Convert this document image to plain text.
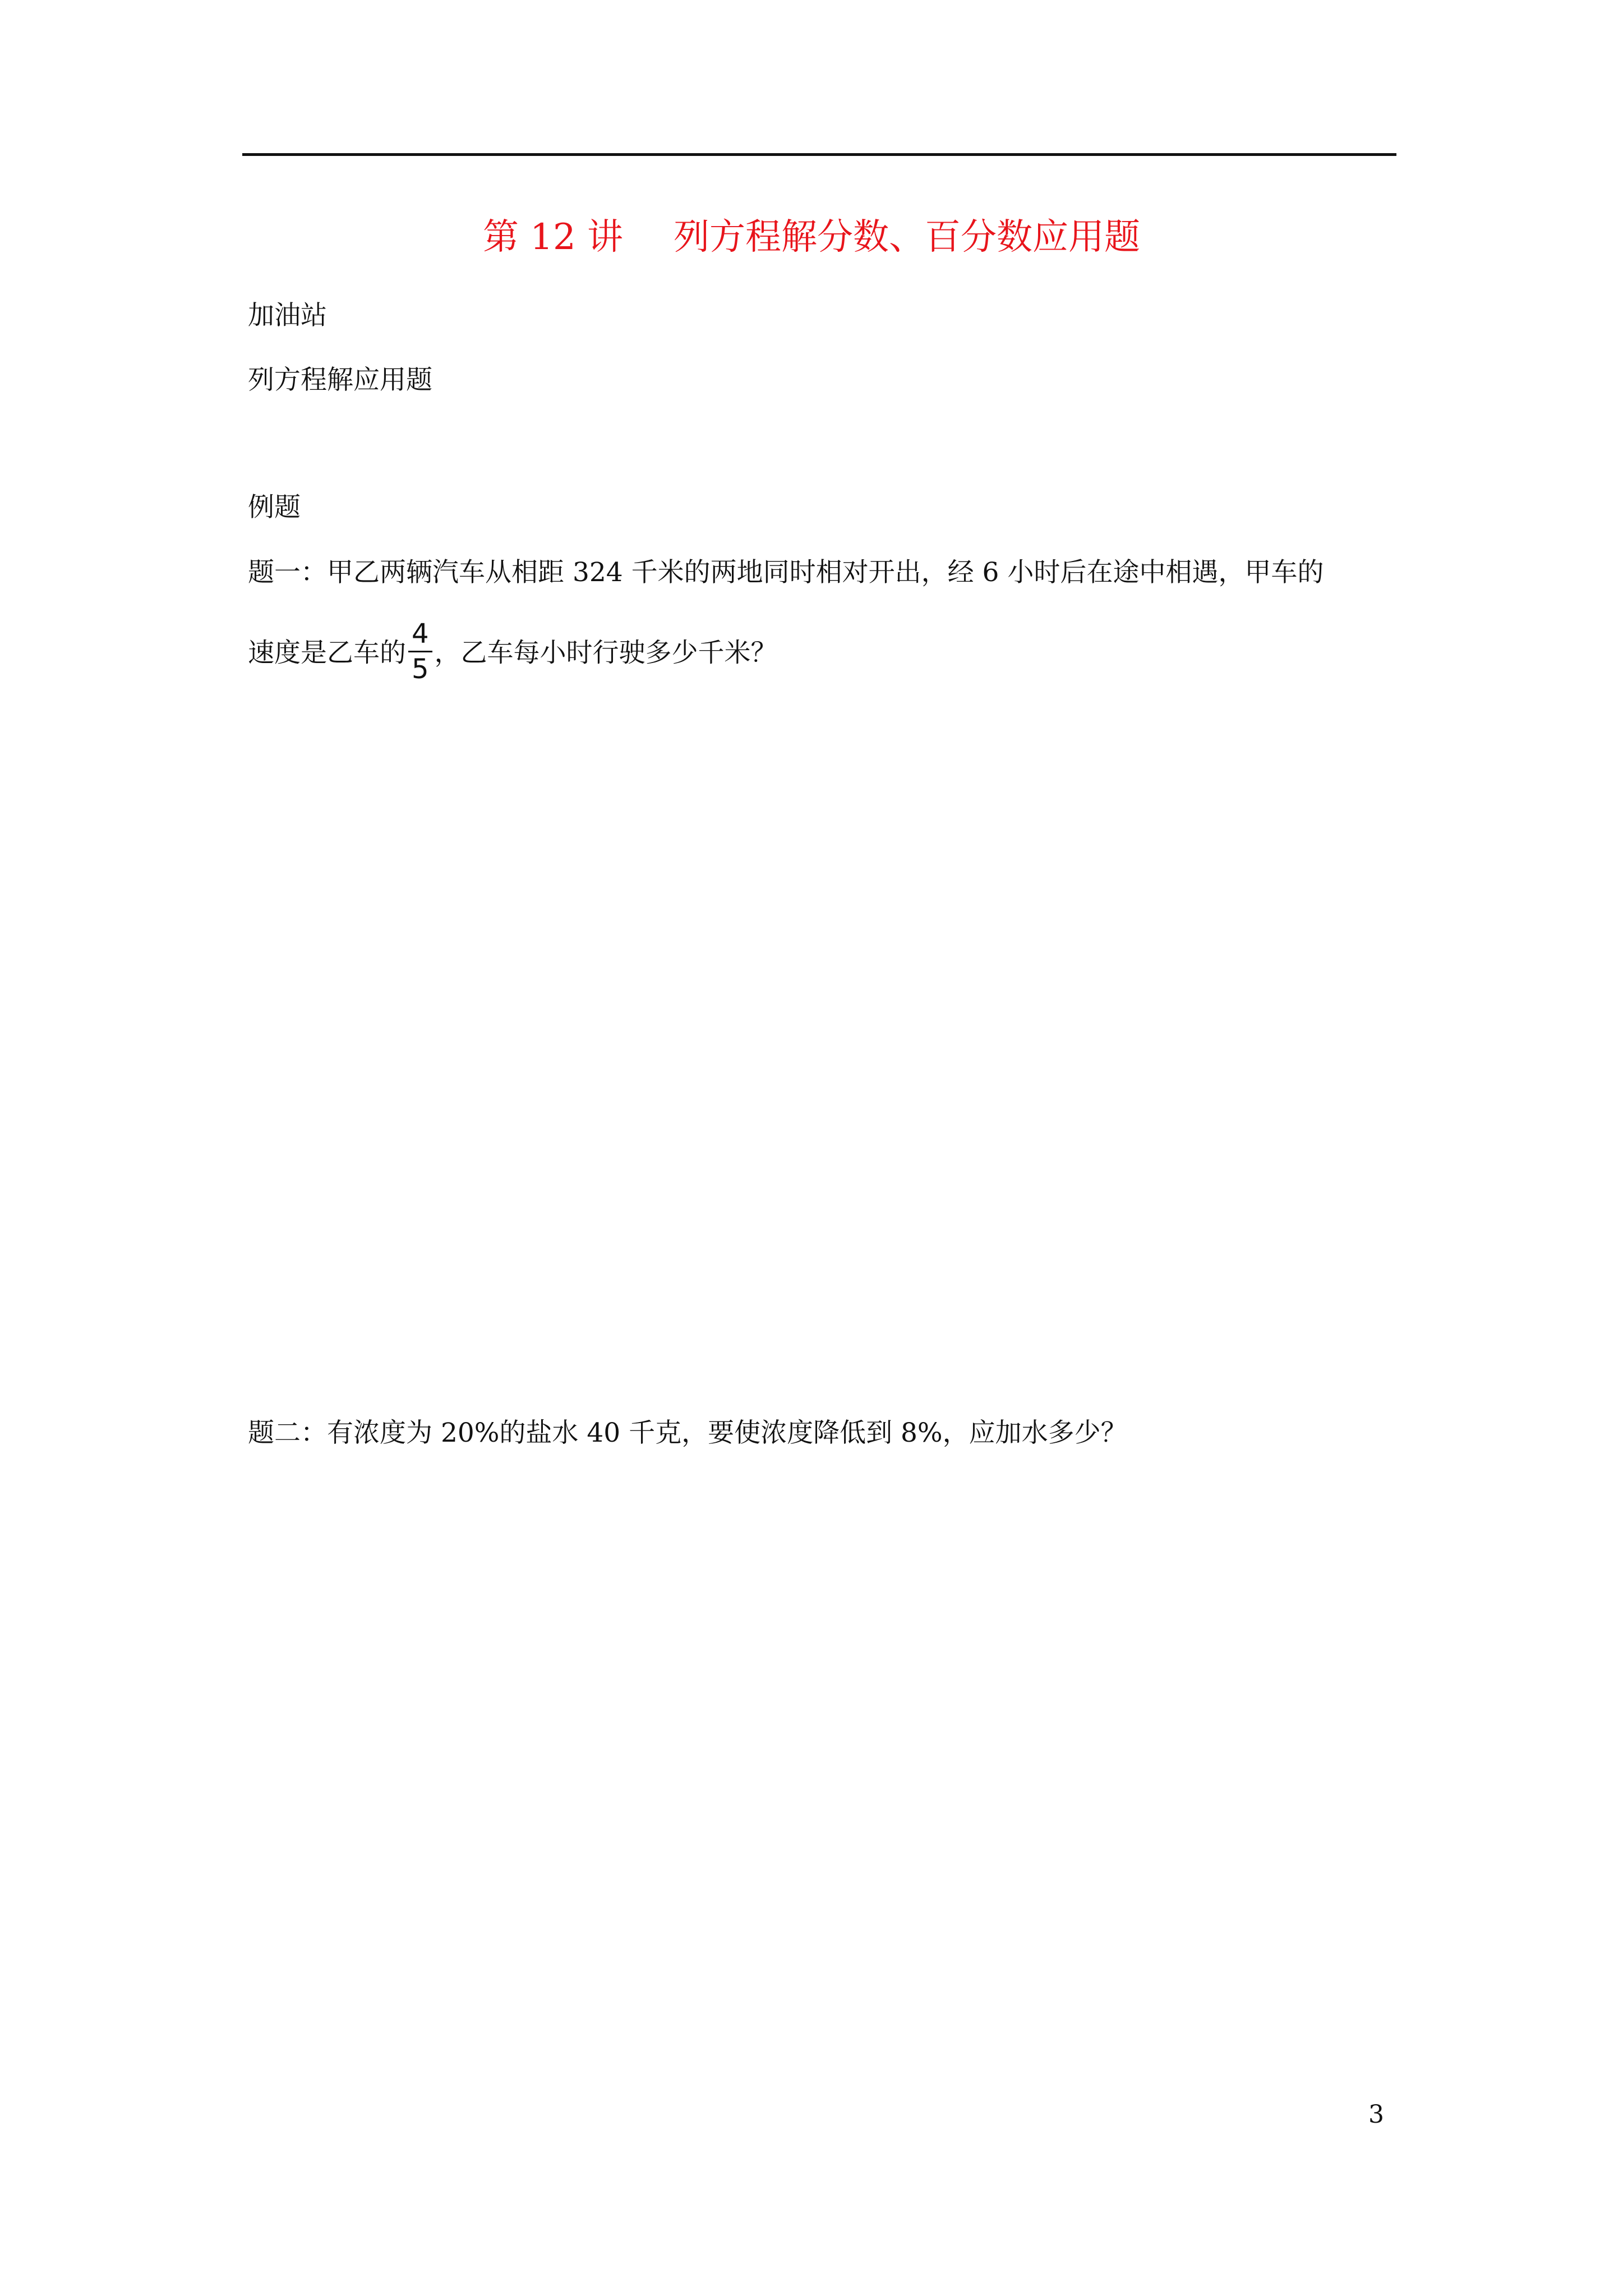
第 12 讲 列方程解分数、百分数应用题
加油站
列方程解应用题
例题
题一：甲乙两辆汽车从相距 324 千米的两地同时相对开出，经 6 小时后在途中相遇，甲车的
速度是乙车的 $\frac{4}{5}$ ，乙车每小时行驶多少千米？
题二：有浓度为 20%的盐水 40 千克，要使浓度降低到 8%，应加水多少？
3
